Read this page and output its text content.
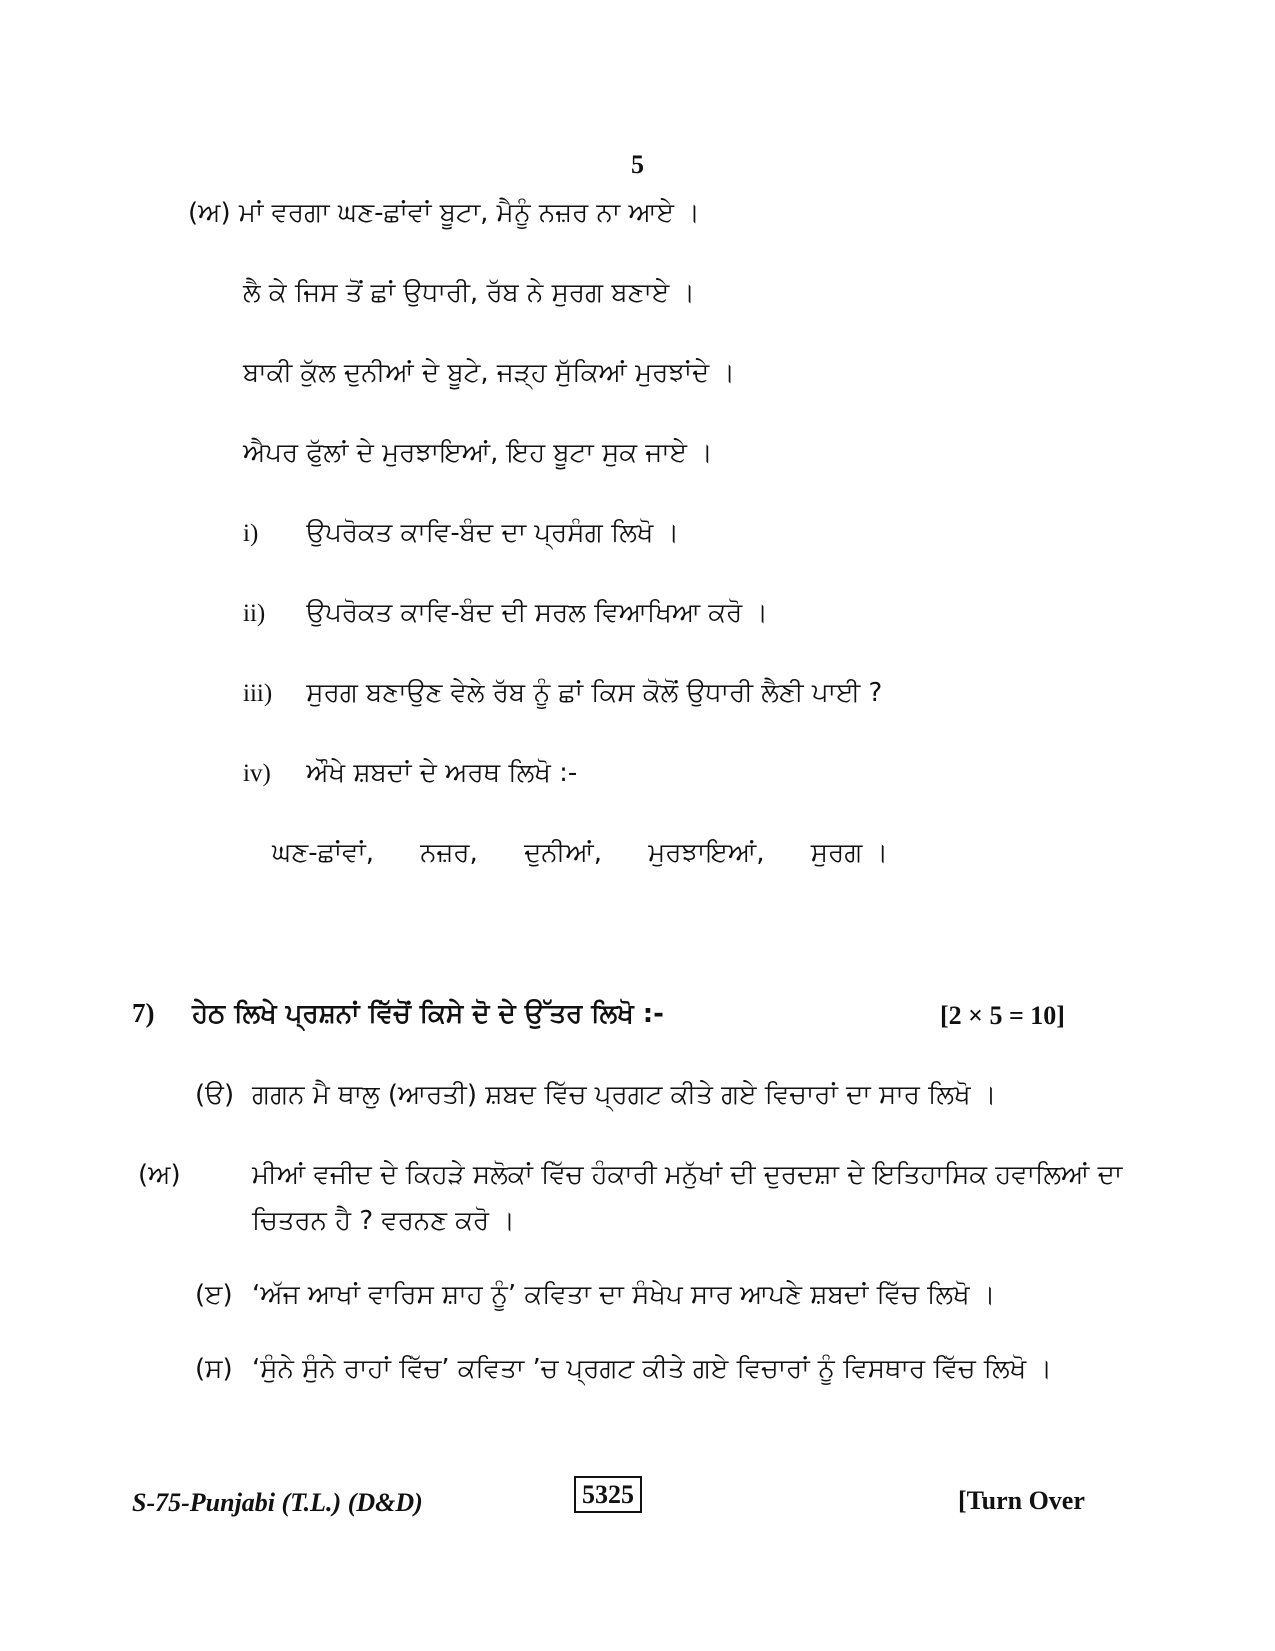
5
(ਅ) ਮਾਂ ਵਰਗਾ ਘਣ-ਛਾਂਵਾਂ ਬੂਟਾ, ਮੈਨੂੰ ਨਜ਼ਰ ਨਾ ਆਏ ।
ਲੈ ਕੇ ਜਿਸ ਤੋਂ ਛਾਂ ਉਧਾਰੀ, ਰੱਬ ਨੇ ਸੁਰਗ ਬਣਾਏ ।
ਬਾਕੀ ਕੁੱਲ ਦੁਨੀਆਂ ਦੇ ਬੂਟੇ, ਜੜ੍ਹ ਸੁੱਕਿਆਂ ਮੁਰਝਾਂਦੇ ।
ਐਪਰ ਫੁੱਲਾਂ ਦੇ ਮੁਰਝਾਇਆਂ, ਇਹ ਬੂਟਾ ਸੁਕ ਜਾਏ ।
i) ਉਪਰੋਕਤ ਕਾਵਿ-ਬੰਦ ਦਾ ਪ੍ਰਸੰਗ ਲਿਖੋ ।
ii) ਉਪਰੋਕਤ ਕਾਵਿ-ਬੰਦ ਦੀ ਸਰਲ ਵਿਆਖਿਆ ਕਰੋ ।
iii) ਸੁਰਗ ਬਣਾਉਣ ਵੇਲੇ ਰੱਬ ਨੂੰ ਛਾਂ ਕਿਸ ਕੋਲੋਂ ਉਧਾਰੀ ਲੈਣੀ ਪਾਈ ?
iv) ਔਖੇ ਸ਼ਬਦਾਂ ਦੇ ਅਰਥ ਲਿਖੋ :-
ਘਣ-ਛਾਂਵਾਂ, ਨਜ਼ਰ, ਦੁਨੀਆਂ, ਮੁਰਝਾਇਆਂ, ਸੁਰਗ ।
7) ਹੇਠ ਲਿਖੇ ਪ੍ਰਸ਼ਨਾਂ ਵਿੱਚੋਂ ਕਿਸੇ ਦੋ ਦੇ ਉੱਤਰ ਲਿਖੋ :-	[2 × 5 = 10]
(ੳ) ਗਗਨ ਮੈ ਥਾਲੁ (ਆਰਤੀ) ਸ਼ਬਦ ਵਿੱਚ ਪ੍ਰਗਟ ਕੀਤੇ ਗਏ ਵਿਚਾਰਾਂ ਦਾ ਸਾਰ ਲਿਖੋ ।
(ਅ)	ਮੀਆਂ ਵਜੀਦ ਦੇ ਕਿਹੜੇ ਸਲੋਕਾਂ ਵਿੱਚ ਹੰਕਾਰੀ ਮਨੁੱਖਾਂ ਦੀ ਦੁਰਦਸ਼ਾ ਦੇ ਇਤਿਹਾਸਿਕ ਹਵਾਲਿਆਂ ਦਾ ਚਿਤਰਨ ਹੈ ? ਵਰਨਣ ਕਰੋ ।
(ੲ) ‘ਅੱਜ ਆਖਾਂ ਵਾਰਿਸ ਸ਼ਾਹ ਨੂੰ’ ਕਵਿਤਾ ਦਾ ਸੰਖੇਪ ਸਾਰ ਆਪਣੇ ਸ਼ਬਦਾਂ ਵਿੱਚ ਲਿਖੋ ।
(ਸ) ‘ਸੁੰਨੇ ਸੁੰਨੇ ਰਾਹਾਂ ਵਿੱਚ’ ਕਵਿਤਾ ’ਚ ਪ੍ਰਗਟ ਕੀਤੇ ਗਏ ਵਿਚਾਰਾਂ ਨੂੰ ਵਿਸਥਾਰ ਵਿੱਚ ਲਿਖੋ ।
S-75-Punjabi (T.L.) (D&D)	5325	[Turn Over
